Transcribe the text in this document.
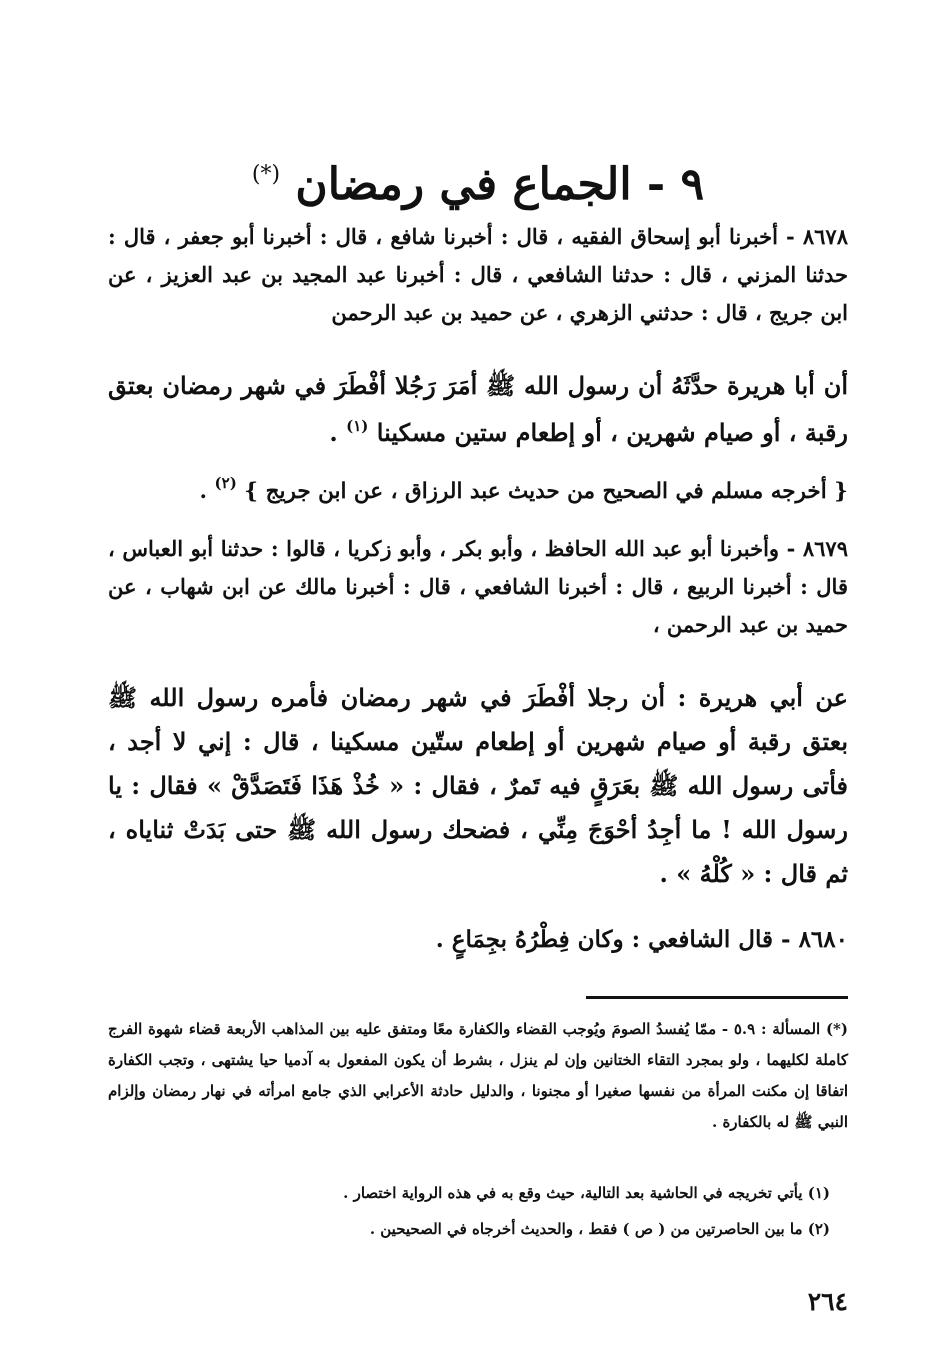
٩ - الجماع في رمضان (*)
٨٦٧٨ - أخبرنا أبو إسحاق الفقيه ، قال : أخبرنا شافع ، قال : أخبرنا أبو جعفر ، قال : حدثنا المزني ، قال : حدثنا الشافعي ، قال : أخبرنا عبد المجيد بن عبد العزيز ، عن ابن جريج ، قال : حدثني الزهري ، عن حميد بن عبد الرحمن
أن أبا هريرة حدَّثَهُ أن رسول الله ﷺ أمَرَ رَجُلا أفْطَرَ في شهر رمضان بعتق رقبة ، أو صيام شهرين ، أو إطعام ستين مسكينا $^{(١)}$ .
{ أخرجه مسلم في الصحيح من حديث عبد الرزاق ، عن ابن جريج } $^{(٢)}$ .
٨٦٧٩ - وأخبرنا أبو عبد الله الحافظ ، وأبو بكر ، وأبو زكريا ، قالوا : حدثنا أبو العباس ، قال : أخبرنا الربيع ، قال : أخبرنا الشافعي ، قال : أخبرنا مالك عن ابن شهاب ، عن حميد بن عبد الرحمن ،
عن أبي هريرة : أن رجلا أفْطَرَ في شهر رمضان فأمره رسول الله ﷺ بعتق رقبة أو صيام شهرين أو إطعام ستّين مسكينا ، قال : إني لا أجد ، فأتى رسول الله ﷺ بعَرَقٍ فيه تَمرٌ ، فقال : « خُذْ هَذَا فَتَصَدَّقْ » فقال : يا رسول الله ! ما أجِدُ أحْوَجَ مِنِّي ، فضحك رسول الله ﷺ حتى بَدَتْ ثناياه ، ثم قال : « كُلْهُ » .
٨٦٨٠ - قال الشافعي : وكان فِطْرُهُ بجِمَاعٍ .
(*) المسألة : ٥.٩ - ممّا يُفسدُ الصومَ ويُوجب القضاء والكفارة معًا ومتفق عليه بين المذاهب الأربعة قضاء شهوة الفرج كاملة لكليهما ، ولو بمجرد التقاء الختانين وإن لم ينزل ، بشرط أن يكون المفعول به آدميا حيا يشتهى ، وتجب الكفارة اتفاقا إن مكنت المرأة من نفسها صغيرا أو مجنونا ، والدليل حادثة الأعرابي الذي جامع امرأته في نهار رمضان وإلزام النبي ﷺ له بالكفارة .
(١) يأتي تخريجه في الحاشية بعد التالية، حيث وقع به في هذه الرواية اختصار .
(٢) ما بين الحاصرتين من ( ص ) فقط ، والحديث أخرجاه في الصحيحين .
٢٦٤
